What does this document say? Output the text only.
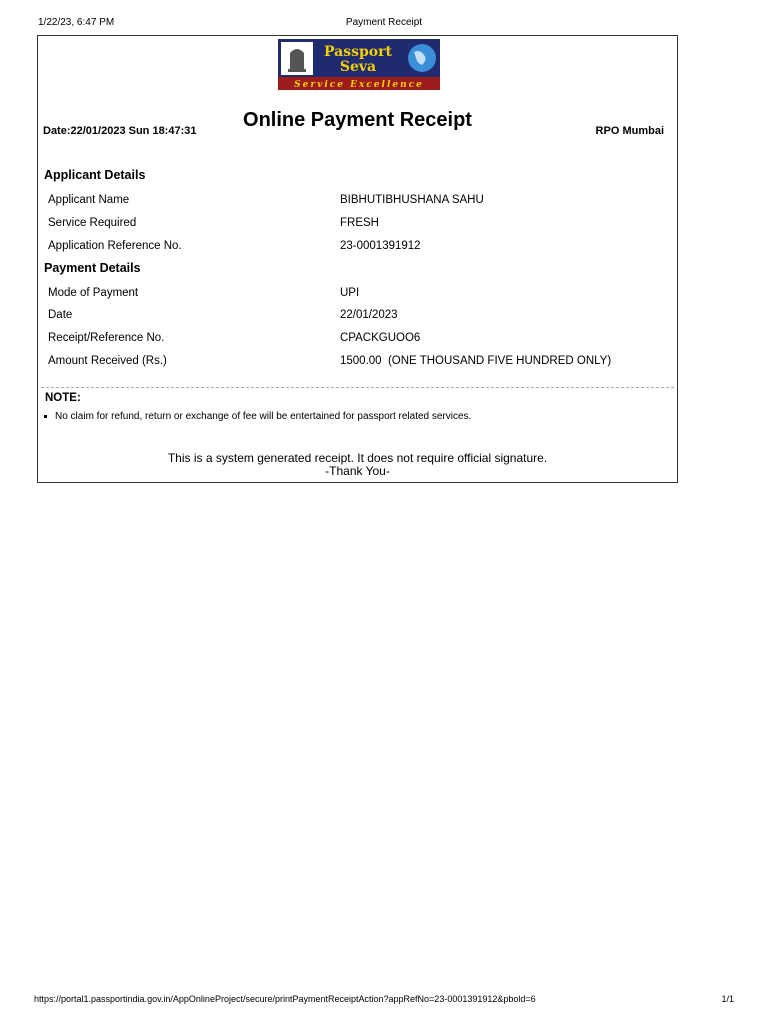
1/22/23, 6:47 PM	Payment Receipt
Passport
Seva
Service Excellence
Date:22/01/2023 Sun 18:47:31	Online Payment Receipt	RPO Mumbai
Applicant Details
Applicant Name	BIBHUTIBHUSHANA SAHU
Service Required	FRESH
Application Reference No.	23-0001391912
Payment Details
Mode of Payment	UPI
Date	22/01/2023
Receipt/Reference No.	CPACKGUOO6
Amount Received (Rs.)	1500.00  (ONE THOUSAND FIVE HUNDRED ONLY)
NOTE:
No claim for refund, return or exchange of fee will be entertained for passport related services.
This is a system generated receipt. It does not require official signature.
-Thank You-
https://portal1.passportindia.gov.in/AppOnlineProject/secure/printPaymentReceiptAction?appRefNo=23-0001391912&pbold=6	1/1
